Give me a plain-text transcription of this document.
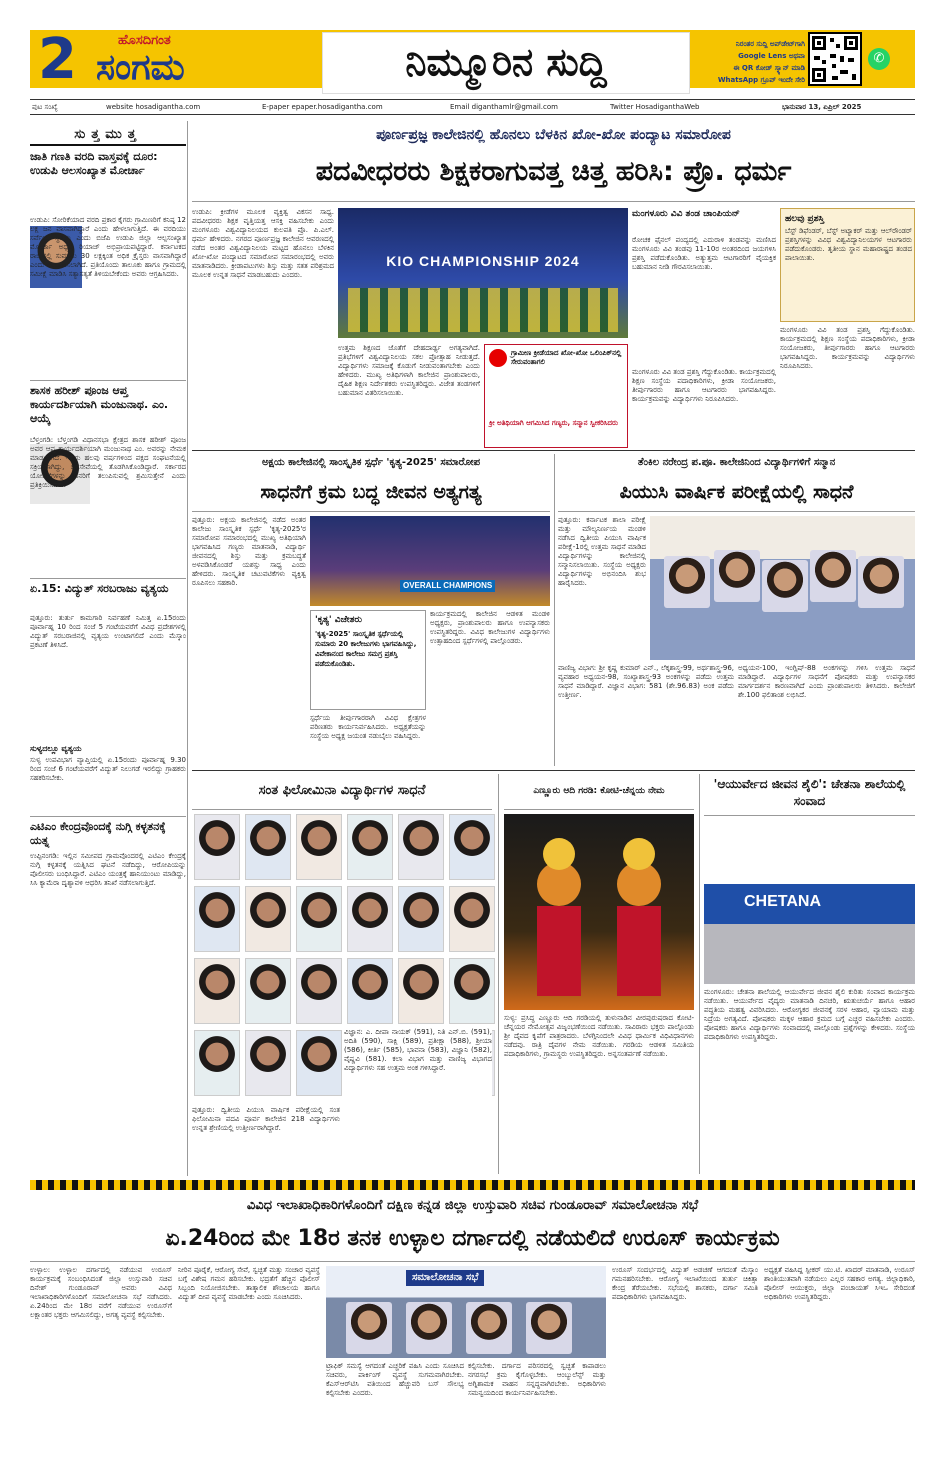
2	ಹೊಸದಿಗಂತ
ಸಂಗಮ	ನಿಮ್ಮೂರಿನ ಸುದ್ದಿ	ನಿರಂತರ ಸುದ್ದಿ ಅಪ್‌ಡೇಟ್‌ಗಾಗಿ
Google Lens ಅಥವಾ
ಈ QR ಕೋಡ್ ಸ್ಕ್ಯಾನ್ ಮಾಡಿ
WhatsApp ಗ್ರೂಪ್ ಇಂದೇ ಸೇರಿ
✆
ಪುಟ ಸಂಖ್ಯೆ	website hosadigantha.com	E-paper epaper.hosadigantha.com	Email diganthamlr@gmail.com	Twitter HosadiganthaWeb	ಭಾನುವಾರ 13, ಏಪ್ರಿಲ್ 2025
ಸುತ್ತಮುತ್ತ
ಜಾತಿ ಗಣತಿ ವರದಿ ವಾಸ್ತವಕ್ಕೆ ದೂರ: ಉಡುಪಿ ಆಲಸಂಖ್ಯಾತ ಮೋರ್ಚಾ
ಉಡುಪಿ: ಸೋರಿಕೆಯಾದ ವರದಿ ಪ್ರಕಾರ ಕೈಗರು ಗ್ರಾಮಿಣರಿಗೆ ಕನಿಷ್ಠ 12 ಲಕ್ಷ ಜನ ವಾಸವಾಗಿದ್ದಾರೆ ಎಂದು ಹೇಳಲಾಗುತ್ತಿದೆ. ಈ ವರದಿಯು ಸರ್ವೆಯ ಸ್ಥಿತಿಯ ಎಂದು ಬಿಜೆಪಿ ಉಡುಪಿ ಜಿಲ್ಲಾ ಆಲ್ಪಸಂಖ್ಯಾತ ಮೋರ್ಚಾ ಅಧ್ಯಕ್ಷ ರಿಯಾಜ್ ಅಭಿಪ್ರಾಯಪಟ್ಟಿದ್ದಾರೆ. ಕರ್ನಾಟಕದ ರಾಜ್ಯದಲ್ಲಿ ಸುಮಾರು 30 ಲಕ್ಷಕ್ಕಿಂತ ಅಧಿಕ ಕ್ರೈಸ್ತರು ವಾಸವಾಗಿದ್ದಾರೆ ಎಂದು ಅಂದಾಜಿಸಲಾಗಿದೆ. ಪ್ರತಿಯೊಂದು ತಾಲೂಕು ಹಾಗೂ ಗ್ರಾಮದಲ್ಲಿ ಸಮೀಕ್ಷೆ ಮಾಡಿಸಿ ಸತ್ಯಾಸತ್ಯತೆ ತಿಳಿಯಬೇಕೆಂದು ಅವರು ಆಗ್ರಹಿಸಿದರು.
ಶಾಸಕ ಹರೀಶ್ ಪೂಂಜ ಆಪ್ತ ಕಾರ್ಯದರ್ಶಿಯಾಗಿ ಮಂಜುನಾಥ. ಎಂ. ಆಯ್ಕೆ
ಬೆಳ್ತಂಗಡಿ: ಬೆಳ್ತಂಗಡಿ ವಿಧಾನಸಭಾ ಕ್ಷೇತ್ರದ ಶಾಸಕ ಹರೀಶ್ ಪೂಂಜ ಅವರ ಆಪ್ತ ಕಾರ್ಯದರ್ಶಿಯಾಗಿ ಮಂಜುನಾಥ ಎಂ. ಅವರನ್ನು ನೇಮಕ ಮಾಡಲಾಗಿದೆ. ಇವರು ಹಲವು ವರ್ಷಗಳಿಂದ ಪಕ್ಷದ ಸಂಘಟನೆಯಲ್ಲಿ ಸಕ್ರಿಯರಾಗಿದ್ದು, ಜನಸೇವೆಯಲ್ಲಿ ತೊಡಗಿಸಿಕೊಂಡಿದ್ದಾರೆ. ಸರ್ಕಾರದ ಯೋಜನೆಗಳನ್ನು ಜನರಿಗೆ ತಲುಪಿಸುವಲ್ಲಿ ಶ್ರಮಿಸುತ್ತೇನೆ ಎಂದು ಪ್ರತಿಕ್ರಿಯಿಸಿದರು.
ಏ.15: ವಿದ್ಯುತ್ ಸರಬರಾಜು ವ್ಯತ್ಯಯ
ಪುತ್ತೂರು: ತುರ್ತು ಕಾಮಗಾರಿ ನಿರ್ವಹಣೆ ನಿಮಿತ್ತ ಏ.15ರಂದು ಪೂರ್ವಾಹ್ನ 10 ರಿಂದ ಸಂಜೆ 5 ಗಂಟೆಯವರೆಗೆ ವಿವಿಧ ಪ್ರದೇಶಗಳಲ್ಲಿ ವಿದ್ಯುತ್ ಸರಬರಾಜಿನಲ್ಲಿ ವ್ಯತ್ಯಯ ಉಂಟಾಗಲಿದೆ ಎಂದು ಮೆಸ್ಕಾಂ ಪ್ರಕಟಣೆ ತಿಳಿಸಿದೆ.
ಸುಳ್ಯದಲ್ಲೂ ವ್ಯತ್ಯಯ
ಸುಳ್ಯ ಉಪವಿಭಾಗ ವ್ಯಾಪ್ತಿಯಲ್ಲಿ ಏ.15ರಂದು ಪೂರ್ವಾಹ್ನ 9.30 ರಿಂದ ಸಂಜೆ 6 ಗಂಟೆಯವರೆಗೆ ವಿದ್ಯುತ್ ನಿಲುಗಡೆ ಇರಲಿದ್ದು ಗ್ರಾಹಕರು ಸಹಕರಿಸಬೇಕು.
ಎಟಿಎಂ ಕೇಂದ್ರವೊಂದಕ್ಕೆ ನುಗ್ಗಿ ಕಳ್ಳತನಕ್ಕೆ ಯತ್ನ
ಉಪ್ಪಿನಂಗಡಿ: ಇಲ್ಲಿನ ಸಮೀಪದ ಗ್ರಾಮವೊಂದರಲ್ಲಿ ಎಟಿಎಂ ಕೇಂದ್ರಕ್ಕೆ ನುಗ್ಗಿ ಕಳ್ಳತನಕ್ಕೆ ಯತ್ನಿಸಿದ ಘಟನೆ ನಡೆದಿದ್ದು, ಆರೋಪಿಯನ್ನು ಪೊಲೀಸರು ಬಂಧಿಸಿದ್ದಾರೆ. ಎಟಿಎಂ ಯಂತ್ರಕ್ಕೆ ಹಾನಿಯುಂಟು ಮಾಡಿದ್ದು, ಸಿಸಿ ಕ್ಯಾಮೆರಾ ದೃಶ್ಯಾವಳಿ ಆಧರಿಸಿ ತನಿಖೆ ನಡೆಸಲಾಗುತ್ತಿದೆ.
ಪೂರ್ಣಪ್ರಜ್ಞ ಕಾಲೇಜಿನಲ್ಲಿ ಹೊನಲು ಬೆಳಕಿನ ಖೋ-ಖೋ ಪಂದ್ಯಾಟ ಸಮಾರೋಪ
ಪದವೀಧರರು ಶಿಕ್ಷಕರಾಗುವತ್ತ ಚಿತ್ತ ಹರಿಸಿ: ಪ್ರೊ. ಧರ್ಮ
ಉಡುಪಿ: ಕ್ರೀಡೆಗಳ ಮೂಲಕ ವ್ಯಕ್ತಿತ್ವ ವಿಕಸನ ಸಾಧ್ಯ. ಪದವೀಧರರು ಶಿಕ್ಷಕ ವೃತ್ತಿಯತ್ತ ಆಸಕ್ತಿ ವಹಿಸಬೇಕು ಎಂದು ಮಂಗಳೂರು ವಿಶ್ವವಿದ್ಯಾನಿಲಯದ ಕುಲಪತಿ ಪ್ರೊ. ಪಿ.ಎಲ್. ಧರ್ಮ ಹೇಳಿದರು. ನಗರದ ಪೂರ್ಣಪ್ರಜ್ಞ ಕಾಲೇಜಿನ ಆವರಣದಲ್ಲಿ ನಡೆದ ಅಂತರ ವಿಶ್ವವಿದ್ಯಾನಿಲಯ ಮಟ್ಟದ ಹೊನಲು ಬೆಳಕಿನ ಖೋ-ಖೋ ಪಂದ್ಯಾಟದ ಸಮಾರೋಪ ಸಮಾರಂಭದಲ್ಲಿ ಅವರು ಮಾತನಾಡಿದರು. ಕ್ರೀಡಾಪಟುಗಳು ಶಿಸ್ತು ಮತ್ತು ಸತತ ಪರಿಶ್ರಮದ ಮೂಲಕ ಉನ್ನತ ಸಾಧನೆ ಮಾಡಬಹುದು ಎಂದರು.
KIO CHAMPIONSHIP 2024
ಉತ್ತಮ ಶಿಕ್ಷಣದ ಜೊತೆಗೆ ದೇಹದಾರ್ಢ್ಯ ಅಗತ್ಯವಾಗಿದೆ. ಪ್ರತಿಭೆಗಳಿಗೆ ವಿಶ್ವವಿದ್ಯಾನಿಲಯ ಸಕಲ ಪ್ರೋತ್ಸಾಹ ನೀಡುತ್ತದೆ. ವಿದ್ಯಾರ್ಥಿಗಳು ಸಮಾಜಕ್ಕೆ ಕೊಡುಗೆ ನೀಡುವಂತಾಗಬೇಕು ಎಂದು ಹೇಳಿದರು. ಮುಖ್ಯ ಅತಿಥಿಗಳಾಗಿ ಕಾಲೇಜಿನ ಪ್ರಾಂಶುಪಾಲರು, ದೈಹಿಕ ಶಿಕ್ಷಣ ನಿರ್ದೇಶಕರು ಉಪಸ್ಥಿತರಿದ್ದರು. ವಿಜೇತ ತಂಡಗಳಿಗೆ ಬಹುಮಾನ ವಿತರಿಸಲಾಯಿತು.
ಗ್ರಾಮೀಣ ಕ್ರೀಡೆಯಾದ ಖೋ-ಖೋ ಒಲಿಂಪಿಕ್‌ನಲ್ಲಿ ಸೇರುವಂತಾಗಲಿ
ಕ್ರೀ ಅತಿಥಿಯಾಗಿ ಆಗಮಿಸಿದ ಗಣ್ಯರು, ಸನ್ಮಾನ ಸ್ವೀಕರಿಸಿದರು
ಮಂಗಳೂರು ವಿವಿ ತಂಡ ಚಾಂಪಿಯನ್
ರೋಚಕ ಫೈನಲ್ ಪಂದ್ಯದಲ್ಲಿ ಎದುರಾಳಿ ತಂಡವನ್ನು ಮಣಿಸಿದ ಮಂಗಳೂರು ವಿವಿ ತಂಡವು 11-10ರ ಅಂತರದಿಂದ ಜಯಗಳಿಸಿ ಪ್ರಶಸ್ತಿ ಪಡೆದುಕೊಂಡಿತು. ಅತ್ಯುತ್ತಮ ಆಟಗಾರರಿಗೆ ವೈಯಕ್ತಿಕ ಬಹುಮಾನ ನೀಡಿ ಗೌರವಿಸಲಾಯಿತು.
ಮಂಗಳೂರು ವಿವಿ ತಂಡ ಪ್ರಶಸ್ತಿ ಗೆದ್ದುಕೊಂಡಿತು. ಕಾರ್ಯಕ್ರಮದಲ್ಲಿ ಶಿಕ್ಷಣ ಸಂಸ್ಥೆಯ ಪದಾಧಿಕಾರಿಗಳು, ಕ್ರೀಡಾ ಸಂಯೋಜಕರು, ತೀರ್ಪುಗಾರರು ಹಾಗೂ ಆಟಗಾರರು ಭಾಗವಹಿಸಿದ್ದರು. ಕಾರ್ಯಕ್ರಮವನ್ನು ವಿದ್ಯಾರ್ಥಿಗಳು ನಿರೂಪಿಸಿದರು.
ಹಲವು ಪ್ರಶಸ್ತಿ
ಬೆಸ್ಟ್ ಡಿಫೆಂಡರ್, ಬೆಸ್ಟ್ ಅಟ್ಯಾಕರ್ ಮತ್ತು ಆಲ್‌ರೌಂಡರ್ ಪ್ರಶಸ್ತಿಗಳನ್ನು ವಿವಿಧ ವಿಶ್ವವಿದ್ಯಾನಿಲಯಗಳ ಆಟಗಾರರು ಪಡೆದುಕೊಂಡರು. ತೃತೀಯ ಸ್ಥಾನ ಮಹಾರಾಷ್ಟ್ರದ ತಂಡದ ಪಾಲಾಯಿತು.
ಮಂಗಳೂರು ವಿವಿ ತಂಡ ಪ್ರಶಸ್ತಿ ಗೆದ್ದುಕೊಂಡಿತು. ಕಾರ್ಯಕ್ರಮದಲ್ಲಿ ಶಿಕ್ಷಣ ಸಂಸ್ಥೆಯ ಪದಾಧಿಕಾರಿಗಳು, ಕ್ರೀಡಾ ಸಂಯೋಜಕರು, ತೀರ್ಪುಗಾರರು ಹಾಗೂ ಆಟಗಾರರು ಭಾಗವಹಿಸಿದ್ದರು. ಕಾರ್ಯಕ್ರಮವನ್ನು ವಿದ್ಯಾರ್ಥಿಗಳು ನಿರೂಪಿಸಿದರು.
ಅಕ್ಷಯ ಕಾಲೇಜಿನಲ್ಲಿ ಸಾಂಸ್ಕೃತಿಕ ಸ್ಪರ್ಧೆ 'ಕೃತ್ಯ-2025' ಸಮಾರೋಪ
ಸಾಧನೆಗೆ ಕ್ರಮ ಬದ್ಧ ಜೀವನ ಅತ್ಯಗತ್ಯ
ಪುತ್ತೂರು: ಅಕ್ಷಯ ಕಾಲೇಜಿನಲ್ಲಿ ನಡೆದ ಅಂತರ ಕಾಲೇಜು ಸಾಂಸ್ಕೃತಿಕ ಸ್ಪರ್ಧೆ 'ಕೃತ್ಯ-2025'ರ ಸಮಾರೋಪ ಸಮಾರಂಭದಲ್ಲಿ ಮುಖ್ಯ ಅತಿಥಿಯಾಗಿ ಭಾಗವಹಿಸಿದ ಗಣ್ಯರು ಮಾತನಾಡಿ, ವಿದ್ಯಾರ್ಥಿ ಜೀವನದಲ್ಲಿ ಶಿಸ್ತು ಮತ್ತು ಕ್ರಮಬದ್ಧತೆ ಅಳವಡಿಸಿಕೊಂಡರೆ ಯಶಸ್ಸು ಸಾಧ್ಯ ಎಂದು ಹೇಳಿದರು. ಸಾಂಸ್ಕೃತಿಕ ಚಟುವಟಿಕೆಗಳು ವ್ಯಕ್ತಿತ್ವ ರೂಪಿಸಲು ಸಹಕಾರಿ.	OVERALL CHAMPIONS
'ಕೃತ್ಯ' ವಿಜೇತರು
'ಕೃತ್ಯ-2025' ಸಾಂಸ್ಕೃತಿಕ ಸ್ಪರ್ಧೆಯಲ್ಲಿ ಸುಮಾರು 20 ಕಾಲೇಜುಗಳು ಭಾಗವಹಿಸಿದ್ದು, ವಿವೇಕಾನಂದ ಕಾಲೇಜು ಸಮಗ್ರ ಪ್ರಶಸ್ತಿ ಪಡೆದುಕೊಂಡಿತು.
ಕಾರ್ಯಕ್ರಮದಲ್ಲಿ ಕಾಲೇಜಿನ ಆಡಳಿತ ಮಂಡಳಿ ಅಧ್ಯಕ್ಷರು, ಪ್ರಾಂಶುಪಾಲರು ಹಾಗೂ ಉಪನ್ಯಾಸಕರು ಉಪಸ್ಥಿತರಿದ್ದರು. ವಿವಿಧ ಕಾಲೇಜುಗಳ ವಿದ್ಯಾರ್ಥಿಗಳು ಉತ್ಸಾಹದಿಂದ ಸ್ಪರ್ಧೆಗಳಲ್ಲಿ ಪಾಲ್ಗೊಂಡರು.
ಸ್ಪರ್ಧೆಯ ತೀರ್ಪುಗಾರರಾಗಿ ವಿವಿಧ ಕ್ಷೇತ್ರಗಳ ಪರಿಣತರು ಕಾರ್ಯನಿರ್ವಹಿಸಿದರು. ಅಧ್ಯಕ್ಷತೆಯನ್ನು ಸಂಸ್ಥೆಯ ಅಧ್ಯಕ್ಷ ಜಯಂತ ನಡುಬೈಲು ವಹಿಸಿದ್ದರು.
ತೆಂಕಿಲ ನರೇಂದ್ರ ಪ.ಪೂ. ಕಾಲೇಜಿನಿಂದ ವಿದ್ಯಾರ್ಥಿಗಳಿಗೆ ಸನ್ಮಾನ
ಪಿಯುಸಿ ವಾರ್ಷಿಕ ಪರೀಕ್ಷೆಯಲ್ಲಿ ಸಾಧನೆ
ಪುತ್ತೂರು: ಕರ್ನಾಟಕ ಶಾಲಾ ಪರೀಕ್ಷೆ ಮತ್ತು ಮೌಲ್ಯನಿರ್ಣಯ ಮಂಡಳಿ ನಡೆಸಿದ ದ್ವಿತೀಯ ಪಿಯುಸಿ ವಾರ್ಷಿಕ ಪರೀಕ್ಷೆ-1ರಲ್ಲಿ ಉತ್ತಮ ಸಾಧನೆ ಮಾಡಿದ ವಿದ್ಯಾರ್ಥಿಗಳನ್ನು ಕಾಲೇಜಿನಲ್ಲಿ ಸನ್ಮಾನಿಸಲಾಯಿತು. ಸಂಸ್ಥೆಯ ಅಧ್ಯಕ್ಷರು ವಿದ್ಯಾರ್ಥಿಗಳನ್ನು ಅಭಿನಂದಿಸಿ ಶುಭ ಹಾರೈಸಿದರು.
ವಾಣಿಜ್ಯ ವಿಭಾಗ: ಶ್ರೀ ಕೃಷ್ಣ ಕುಮಾರ್ ಎನ್., ಲೆಕ್ಕಶಾಸ್ತ್ರ-99, ಅರ್ಥಶಾಸ್ತ್ರ-96, ವ್ಯವಹಾರ ಅಧ್ಯಯನ-98, ಸಂಖ್ಯಾಶಾಸ್ತ್ರ-93 ಅಂಕಗಳನ್ನು ಪಡೆದು ಉತ್ತಮ ಸಾಧನೆ ಮಾಡಿದ್ದಾರೆ. ವಿಜ್ಞಾನ ವಿಭಾಗ: 581 (ಶೇ.96.83) ಅಂಕ ಪಡೆದು ಉತ್ತೀರ್ಣ.
ಅಧ್ಯಯನ-100, ಇಂಗ್ಲಿಷ್-88 ಅಂಕಗಳನ್ನು ಗಳಿಸಿ ಉತ್ತಮ ಸಾಧನೆ ಮಾಡಿದ್ದಾರೆ. ವಿದ್ಯಾರ್ಥಿಗಳ ಸಾಧನೆಗೆ ಪೋಷಕರು ಮತ್ತು ಉಪನ್ಯಾಸಕರ ಮಾರ್ಗದರ್ಶನ ಕಾರಣವಾಗಿದೆ ಎಂದು ಪ್ರಾಂಶುಪಾಲರು ತಿಳಿಸಿದರು. ಕಾಲೇಜಿಗೆ ಶೇ.100 ಫಲಿತಾಂಶ ಲಭಿಸಿದೆ.
ಸಂತ ಫಿಲೋಮಿನಾ ವಿದ್ಯಾರ್ಥಿಗಳ ಸಾಧನೆ
ಪುತ್ತೂರು: ದ್ವಿತೀಯ ಪಿಯುಸಿ ವಾರ್ಷಿಕ ಪರೀಕ್ಷೆಯಲ್ಲಿ ಸಂತ ಫಿಲೋಮಿನಾ ಪದವಿ ಪೂರ್ವ ಕಾಲೇಜಿನ 218 ವಿದ್ಯಾರ್ಥಿಗಳು ಉನ್ನತ ಶ್ರೇಣಿಯಲ್ಲಿ ಉತ್ತೀರ್ಣರಾಗಿದ್ದಾರೆ.
ವಿಜ್ಞಾನ: ಎ. ದೀಪಾ ನಾಯಕ್ (591), ನಿತಿ ಎನ್.ಬಿ. (591), ಅದಿತಿ (590), ಸಾಕ್ಷಿ (589), ಪ್ರತೀಕ್ಷಾ (588), ಶ್ರೀಯಾ (586), ಕೀರ್ತಿ (585), ಭಾವನಾ (583), ವಿಜ್ಞಾನಿ (582), ವೈಷ್ಣವಿ (581). ಕಲಾ ವಿಭಾಗ ಮತ್ತು ವಾಣಿಜ್ಯ ವಿಭಾಗದ ವಿದ್ಯಾರ್ಥಿಗಳು ಸಹ ಉತ್ತಮ ಅಂಕ ಗಳಿಸಿದ್ದಾರೆ.
ಎಣ್ಣೂರು ಆದಿ ಗರಡಿ: ಕೋಟಿ-ಚೆನ್ನಯ ನೇಮ
ಸುಳ್ಯ: ಪ್ರಸಿದ್ಧ ಎಣ್ಣೂರು ಆದಿ ಗರಡಿಯಲ್ಲಿ ತುಳುನಾಡಿನ ವೀರಪುರುಷರಾದ ಕೋಟಿ-ಚೆನ್ನಯರ ನೇಮೋತ್ಸವ ವಿಜೃಂಭಣೆಯಿಂದ ನಡೆಯಿತು. ಸಾವಿರಾರು ಭಕ್ತರು ಪಾಲ್ಗೊಂಡು ಶ್ರೀ ದೈವದ ಕೃಪೆಗೆ ಪಾತ್ರರಾದರು. ಬೆಳಗ್ಗಿನಿಂದಲೇ ವಿವಿಧ ಧಾರ್ಮಿಕ ವಿಧಿವಿಧಾನಗಳು ನಡೆದವು. ರಾತ್ರಿ ದೈವಗಳ ನೇಮ ನಡೆಯಿತು. ಗರಡಿಯ ಆಡಳಿತ ಸಮಿತಿಯ ಪದಾಧಿಕಾರಿಗಳು, ಗ್ರಾಮಸ್ಥರು ಉಪಸ್ಥಿತರಿದ್ದರು. ಅನ್ನಸಂತರ್ಪಣೆ ನಡೆಯಿತು.
'ಆಯುರ್ವೇದ ಜೀವನ ಶೈಲಿ': ಚೇತನಾ ಶಾಲೆಯಲ್ಲಿ ಸಂವಾದ
CHETANA
ಮಂಗಳೂರು: ಚೇತನಾ ಶಾಲೆಯಲ್ಲಿ ಆಯುರ್ವೇದ ಜೀವನ ಶೈಲಿ ಕುರಿತು ಸಂವಾದ ಕಾರ್ಯಕ್ರಮ ನಡೆಯಿತು. ಆಯುರ್ವೇದ ವೈದ್ಯರು ಮಾತನಾಡಿ ದಿನಚರಿ, ಋತುಚರ್ಯೆ ಹಾಗೂ ಆಹಾರ ಪದ್ಧತಿಯ ಮಹತ್ವ ವಿವರಿಸಿದರು. ಆರೋಗ್ಯಕರ ಜೀವನಕ್ಕೆ ಸರಳ ಆಹಾರ, ವ್ಯಾಯಾಮ ಮತ್ತು ನಿದ್ರೆಯ ಅಗತ್ಯವಿದೆ. ಪೋಷಕರು ಮಕ್ಕಳ ಆಹಾರ ಕ್ರಮದ ಬಗ್ಗೆ ಎಚ್ಚರ ವಹಿಸಬೇಕು ಎಂದರು. ಪೋಷಕರು ಹಾಗೂ ವಿದ್ಯಾರ್ಥಿಗಳು ಸಂವಾದದಲ್ಲಿ ಪಾಲ್ಗೊಂಡು ಪ್ರಶ್ನೆಗಳನ್ನು ಕೇಳಿದರು. ಸಂಸ್ಥೆಯ ಪದಾಧಿಕಾರಿಗಳು ಉಪಸ್ಥಿತರಿದ್ದರು.
ವಿವಿಧ ಇಲಾಖಾಧಿಕಾರಿಗಳೊಂದಿಗೆ ದಕ್ಷಿಣ ಕನ್ನಡ ಜಿಲ್ಲಾ ಉಸ್ತುವಾರಿ ಸಚಿವ ಗುಂಡೂರಾವ್ ಸಮಾಲೋಚನಾ ಸಭೆ
ಏ.24ರಿಂದ ಮೇ 18ರ ತನಕ ಉಳ್ಳಾಲ ದರ್ಗಾದಲ್ಲಿ ನಡೆಯಲಿದೆ ಉರೂಸ್ ಕಾರ್ಯಕ್ರಮ
ಉಳ್ಳಾಲ: ಉಳ್ಳಾಲ ದರ್ಗಾದಲ್ಲಿ ನಡೆಯುವ ಉರೂಸ್ ಕಾರ್ಯಕ್ರಮಕ್ಕೆ ಸಂಬಂಧಿಸಿದಂತೆ ಜಿಲ್ಲಾ ಉಸ್ತುವಾರಿ ಸಚಿವ ದಿನೇಶ್ ಗುಂಡೂರಾವ್ ಅವರು ವಿವಿಧ ಇಲಾಖಾಧಿಕಾರಿಗಳೊಂದಿಗೆ ಸಮಾಲೋಚನಾ ಸಭೆ ನಡೆಸಿದರು. ಏ.24ರಿಂದ ಮೇ 18ರ ವರೆಗೆ ನಡೆಯುವ ಉರೂಸ್‌ಗೆ ಲಕ್ಷಾಂತರ ಭಕ್ತರು ಆಗಮಿಸಲಿದ್ದು, ಅಗತ್ಯ ವ್ಯವಸ್ಥೆ ಕಲ್ಪಿಸಬೇಕು.
ನೀರಿನ ಪೂರೈಕೆ, ಆರೋಗ್ಯ ಸೇವೆ, ಸ್ವಚ್ಛತೆ ಮತ್ತು ಸಂಚಾರ ವ್ಯವಸ್ಥೆ ಬಗ್ಗೆ ವಿಶೇಷ ಗಮನ ಹರಿಸಬೇಕು. ಭದ್ರತೆಗೆ ಹೆಚ್ಚಿನ ಪೊಲೀಸ್ ಸಿಬ್ಬಂದಿ ನಿಯೋಜಿಸಬೇಕು. ತಾತ್ಕಾಲಿಕ ಶೌಚಾಲಯ ಹಾಗೂ ವಿದ್ಯುತ್ ದೀಪ ವ್ಯವಸ್ಥೆ ಮಾಡಬೇಕು ಎಂದು ಸೂಚಿಸಿದರು.
ಸಮಾಲೋಚನಾ ಸಭೆ
ಟ್ರಾಫಿಕ್ ಸಮಸ್ಯೆ ಆಗದಂತೆ ಎಚ್ಚರಿಕೆ ವಹಿಸಿ ಎಂದು ಸೂಚಿಸಿದ ಸಚಿವರು, ಪಾರ್ಕಿಂಗ್ ವ್ಯವಸ್ಥೆ ಸುಗಮವಾಗಿರಬೇಕು. ಕೆಎಸ್ಆರ್‌ಟಿಸಿ ವತಿಯಿಂದ ಹೆಚ್ಚುವರಿ ಬಸ್ ಸೌಲಭ್ಯ ಕಲ್ಪಿಸಬೇಕು ಎಂದರು.
ಕಲ್ಪಿಸಬೇಕು. ದರ್ಗಾದ ಪರಿಸರದಲ್ಲಿ ಸ್ವಚ್ಛತೆ ಕಾಪಾಡಲು ನಗರಸಭೆ ಕ್ರಮ ಕೈಗೊಳ್ಳಬೇಕು. ಆಂಬ್ಯುಲೆನ್ಸ್ ಮತ್ತು ಅಗ್ನಿಶಾಮಕ ವಾಹನ ಸನ್ನದ್ಧವಾಗಿರಬೇಕು. ಅಧಿಕಾರಿಗಳು ಸಮನ್ವಯದಿಂದ ಕಾರ್ಯನಿರ್ವಹಿಸಬೇಕು.
ಉರೂಸ್ ಸಂದರ್ಭದಲ್ಲಿ ವಿದ್ಯುತ್ ಅಡಚಣೆ ಆಗದಂತೆ ಮೆಸ್ಕಾಂ ಗಮನಹರಿಸಬೇಕು. ಆರೋಗ್ಯ ಇಲಾಖೆಯಿಂದ ತುರ್ತು ಚಿಕಿತ್ಸಾ ಕೇಂದ್ರ ತೆರೆಯಬೇಕು. ಸಭೆಯಲ್ಲಿ ಶಾಸಕರು, ದರ್ಗಾ ಸಮಿತಿ ಪದಾಧಿಕಾರಿಗಳು ಭಾಗವಹಿಸಿದ್ದರು.
ಅಧ್ಯಕ್ಷತೆ ವಹಿಸಿದ್ದ ಸ್ಪೀಕರ್ ಯು.ಟಿ. ಖಾದರ್ ಮಾತನಾಡಿ, ಉರೂಸ್ ಶಾಂತಿಯುತವಾಗಿ ನಡೆಯಲು ಎಲ್ಲರ ಸಹಕಾರ ಅಗತ್ಯ. ಜಿಲ್ಲಾಧಿಕಾರಿ, ಪೊಲೀಸ್ ಆಯುಕ್ತರು, ಜಿಲ್ಲಾ ಪಂಚಾಯತ್ ಸಿಇಒ ಸೇರಿದಂತೆ ಅಧಿಕಾರಿಗಳು ಉಪಸ್ಥಿತರಿದ್ದರು.
